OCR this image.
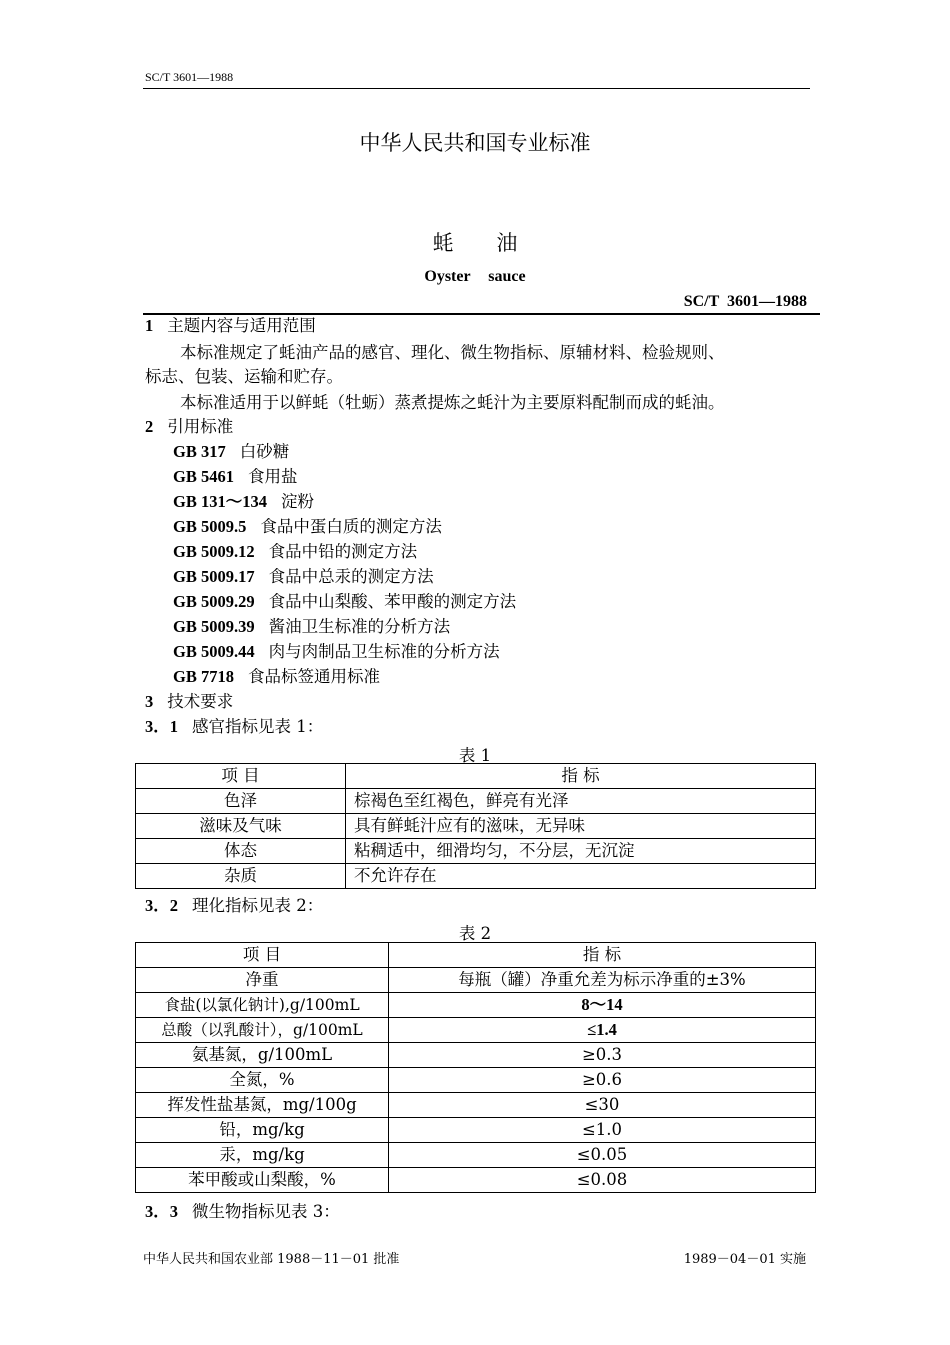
SC/T 3601—1988
中华人民共和国专业标准
蚝 油
Oyster sauce
SC/T 3601—1988
1 主题内容与适用范围
本标准规定了蚝油产品的感官、理化、微生物指标、原辅材料、检验规则、
标志、包装、运输和贮存。
本标准适用于以鲜蚝（牡蛎）蒸煮提炼之蚝汁为主要原料配制而成的蚝油。
2 引用标准
GB 317 白砂糖
GB 5461 食用盐
GB 131～134 淀粉
GB 5009.5 食品中蛋白质的测定方法
GB 5009.12 食品中铅的测定方法
GB 5009.17 食品中总汞的测定方法
GB 5009.29 食品中山梨酸、苯甲酸的测定方法
GB 5009.39 酱油卫生标准的分析方法
GB 5009.44 肉与肉制品卫生标准的分析方法
GB 7718 食品标签通用标准
3 技术要求
3．1 感官指标见表 1：
表 1
项 目	指 标
色泽	棕褐色至红褐色，鲜亮有光泽
滋味及气味	具有鲜蚝汁应有的滋味，无异味
体态	粘稠适中，细滑均匀，不分层，无沉淀
杂质	不允许存在
3．2 理化指标见表 2：
表 2
项 目	指 标
净重	每瓶（罐）净重允差为标示净重的±3%
食盐(以氯化钠计),g/100mL	8～14
总酸（以乳酸计），g/100mL	≤1.4
氨基氮，g/100mL	≥0.3
全氮，%	≥0.6
挥发性盐基氮，mg/100g	≤30
铅，mg/kg	≤1.0
汞，mg/kg	≤0.05
苯甲酸或山梨酸，%	≤0.08
3．3 微生物指标见表 3：
中华人民共和国农业部 1988－11－01 批准	1989－04－01 实施
